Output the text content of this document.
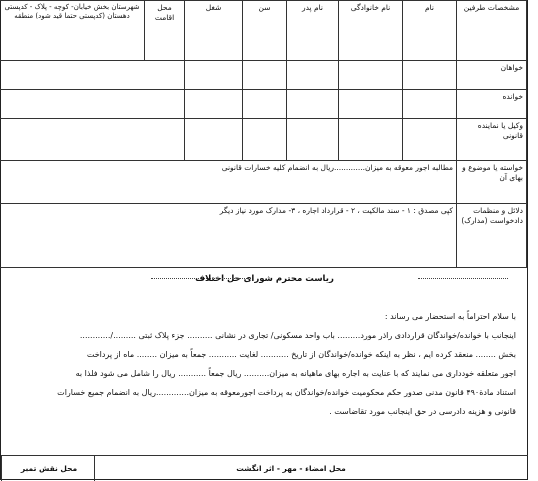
مشخصات طرفین	نام	نام خانوادگی	نام پدر	سن	شغل	محل اقامت	شهرستان بخش خیابان- کوچه - پلاک - کدپستی دهستان (کدپستی حتما قید شود) منطقه
خواهان							
خوانده							
وکیل یا نماینده قانونی							
خواسته یا موضوع و بهای آن	مطالبه اجور معوقه به میزان.............ریال به انضمام کلیه خسارات قانونی						
دلائل و منظمات دادخواست (مدارک)	کپی مصدق : ۱ - سند مالکیت ، ۲ - قرارداد اجاره ، ۳- مدارک مورد نیاز دیگر						
ریاست محترم شورای حل اختلاف

با سلام احتراماً به استحضار می رساند :

اینجانب با خوانده/خواندگان قراردادی راذر مورد......... باب واحد مسکونی/ تجاری در نشانی .......... جزء پلاک ثبتی ........./............

بخش ........ منعقد کرده ایم ، نظر به اینکه خوانده/خواندگان از تاریخ ........... لغایت ........... جمعاً به میزان ........ ماه از پرداخت

اجور متعلقه خودداری می نمایند که با عنایت به اجاره بهای ماهیانه به میزان.......... ریال جمعاً ........... ریال را شامل می شود فلذا به

استناد مادة۴۹۰ قانون مدنی صدور حکم محکومیت خوانده/خواندگان به پرداخت اجورمعوقه به میزان.............ریال به انضمام جمیع خسارات

قانونی و هزینه دادرسی در حق اینجانب مورد تقاضاست .

محل نقش تمبر	محل امضاء - مهر - اثر انگشت
